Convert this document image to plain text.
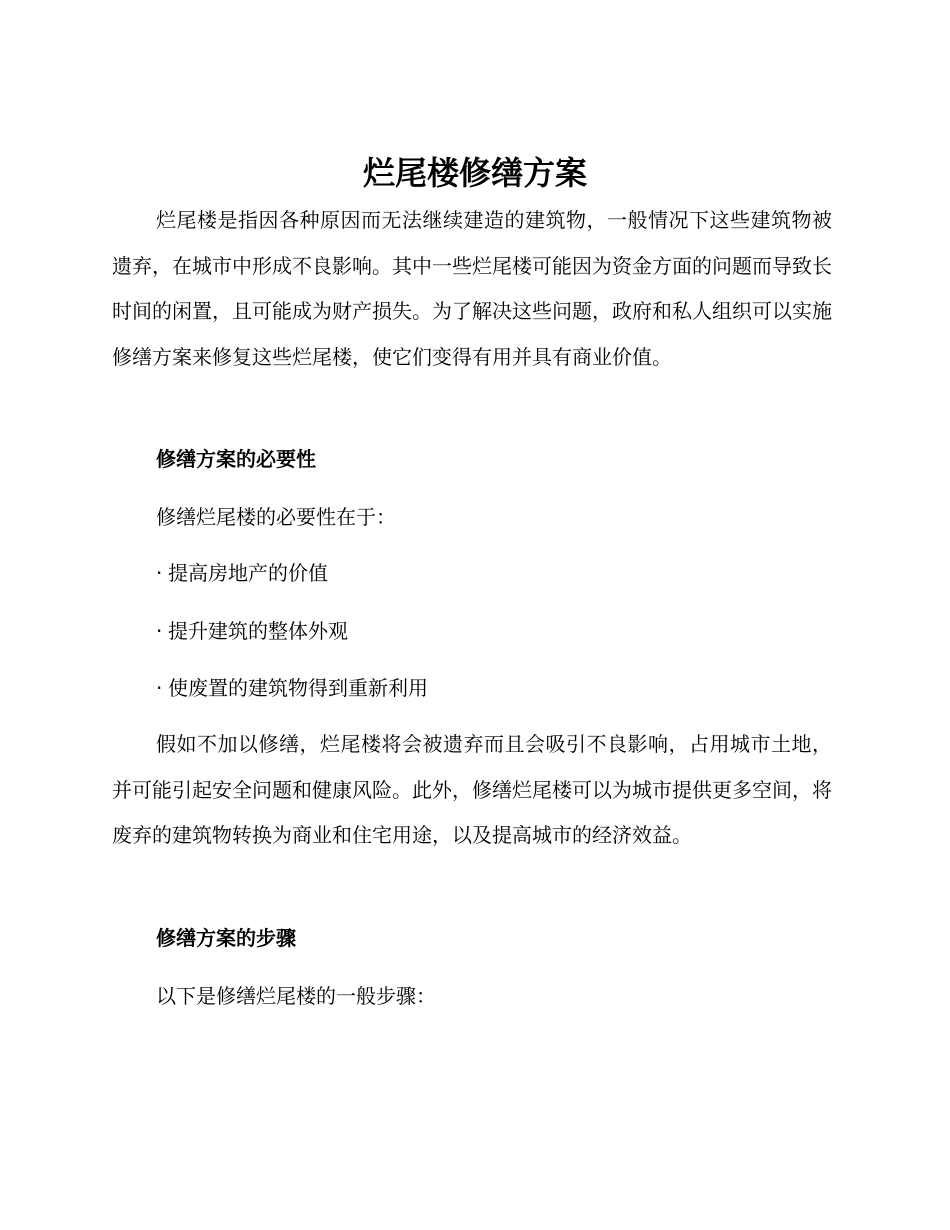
烂尾楼修缮方案

烂尾楼是指因各种原因而无法继续建造的建筑物，一般情况下这些建筑物被遗弃，在城市中形成不良影响。其中一些烂尾楼可能因为资金方面的问题而导致长时间的闲置，且可能成为财产损失。为了解决这些问题，政府和私人组织可以实施修缮方案来修复这些烂尾楼，使它们变得有用并具有商业价值。

修缮方案的必要性

修缮烂尾楼的必要性在于：

· 提高房地产的价值

· 提升建筑的整体外观

· 使废置的建筑物得到重新利用

假如不加以修缮，烂尾楼将会被遗弃而且会吸引不良影响，占用城市土地，并可能引起安全问题和健康风险。此外，修缮烂尾楼可以为城市提供更多空间，将废弃的建筑物转换为商业和住宅用途，以及提高城市的经济效益。

修缮方案的步骤

以下是修缮烂尾楼的一般步骤：
